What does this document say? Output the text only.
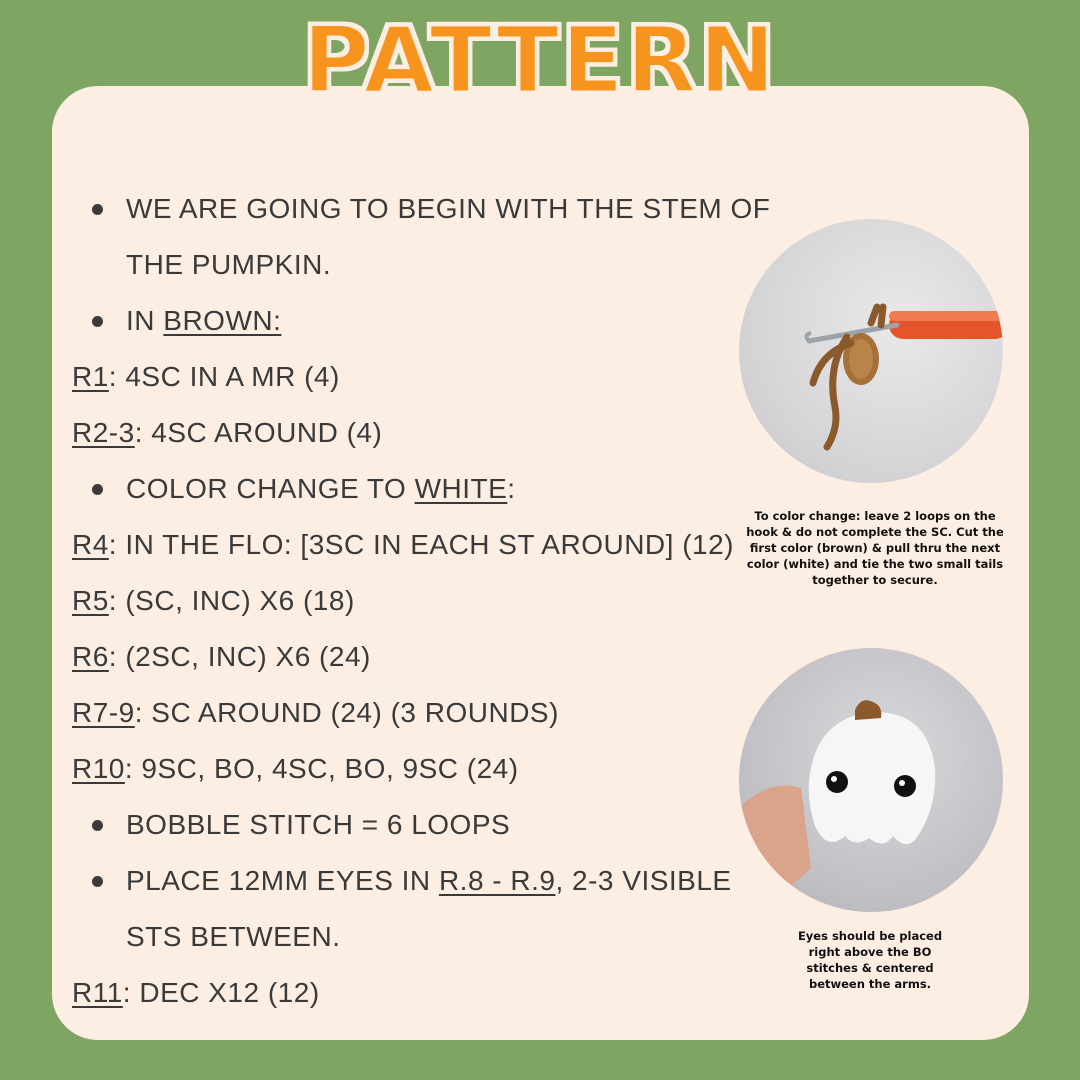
PATTERN
WE ARE GOING TO BEGIN WITH THE STEM OF
THE PUMPKIN.
IN BROWN:
R1: 4SC IN A MR (4)
R2-3: 4SC AROUND (4)
COLOR CHANGE TO WHITE:
R4: IN THE FLO: [3SC IN EACH ST AROUND] (12)
R5: (SC, INC) X6 (18)
R6: (2SC, INC) X6 (24)
R7-9: SC AROUND (24) (3 ROUNDS)
R10: 9SC, BO, 4SC, BO, 9SC (24)
BOBBLE STITCH = 6 LOOPS
PLACE 12MM EYES IN R.8 - R.9, 2-3 VISIBLE
STS BETWEEN.
R11: DEC X12 (12)
To color change: leave 2 loops on the hook & do not complete the SC. Cut the first color (brown) & pull thru the next color (white) and tie the two small tails together to secure.
Eyes should be placed right above the BO stitches & centered between the arms.
